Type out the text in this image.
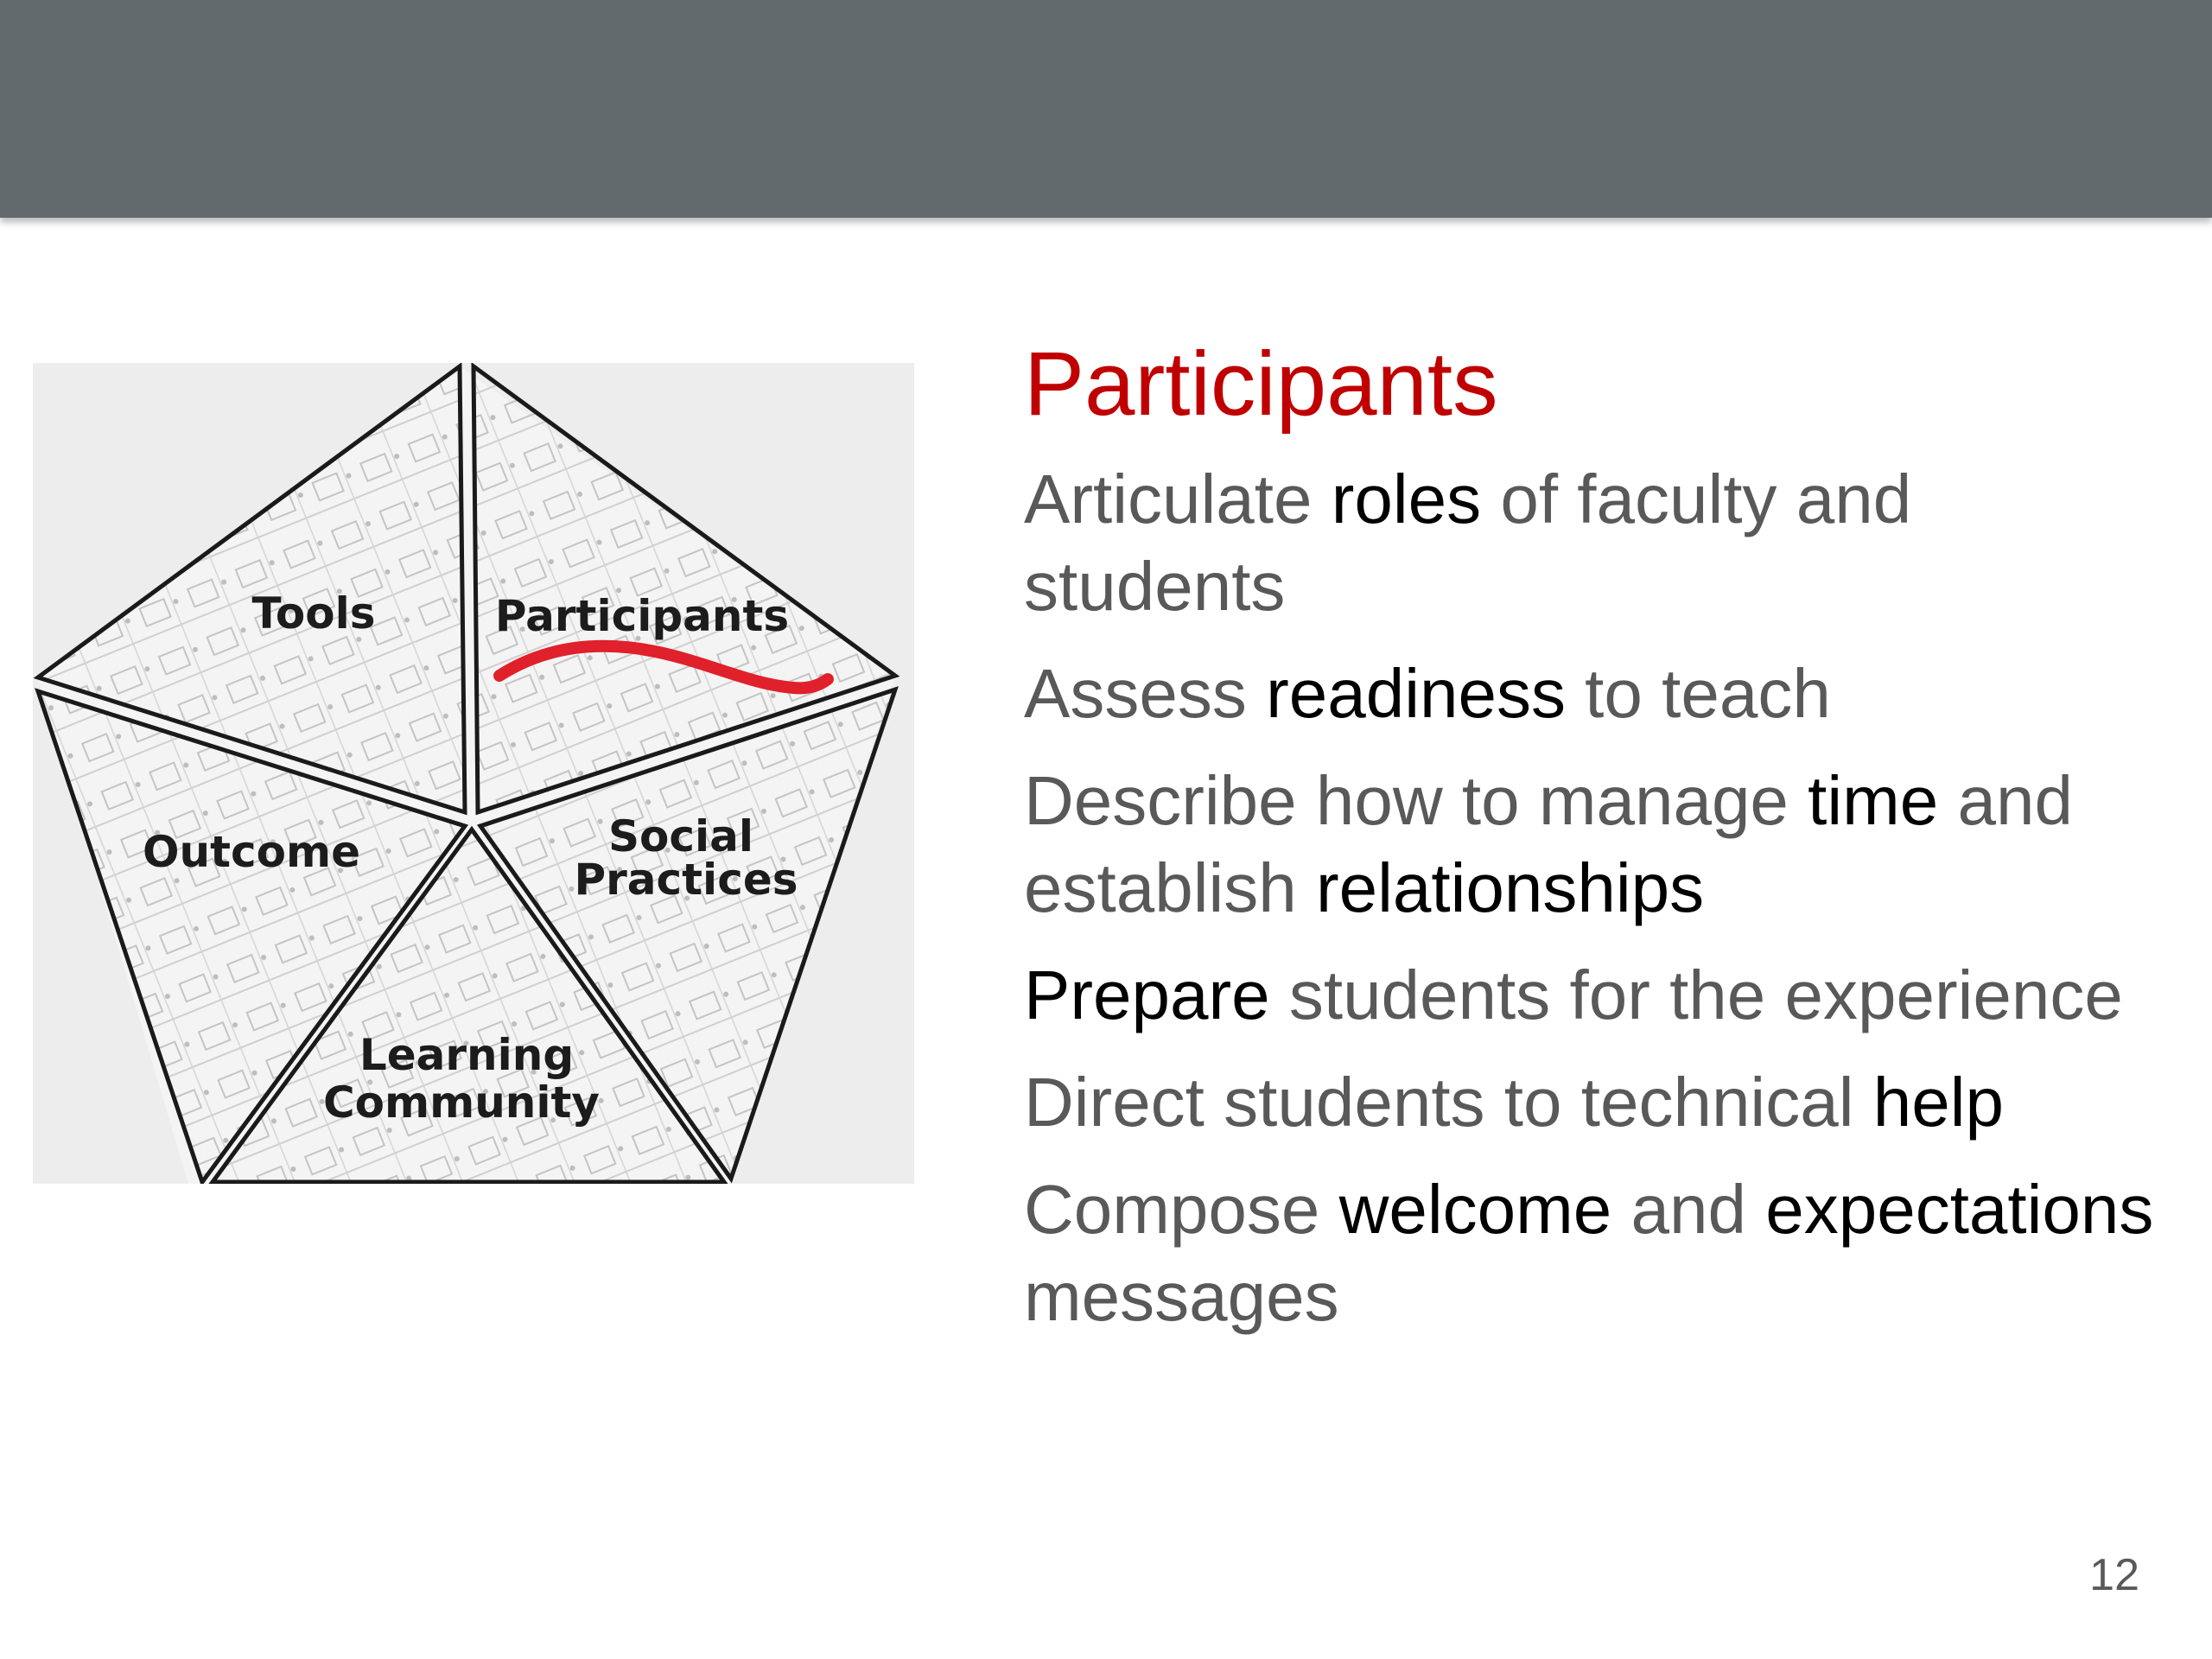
Tools	Participants
Outcome	Social
Practices
Learning
Community
Participants

Articulate roles of faculty and students

Assess readiness to teach

Describe how to manage time and establish relationships

Prepare students for the experience

Direct students to technical help

Compose welcome and expectations messages

12
